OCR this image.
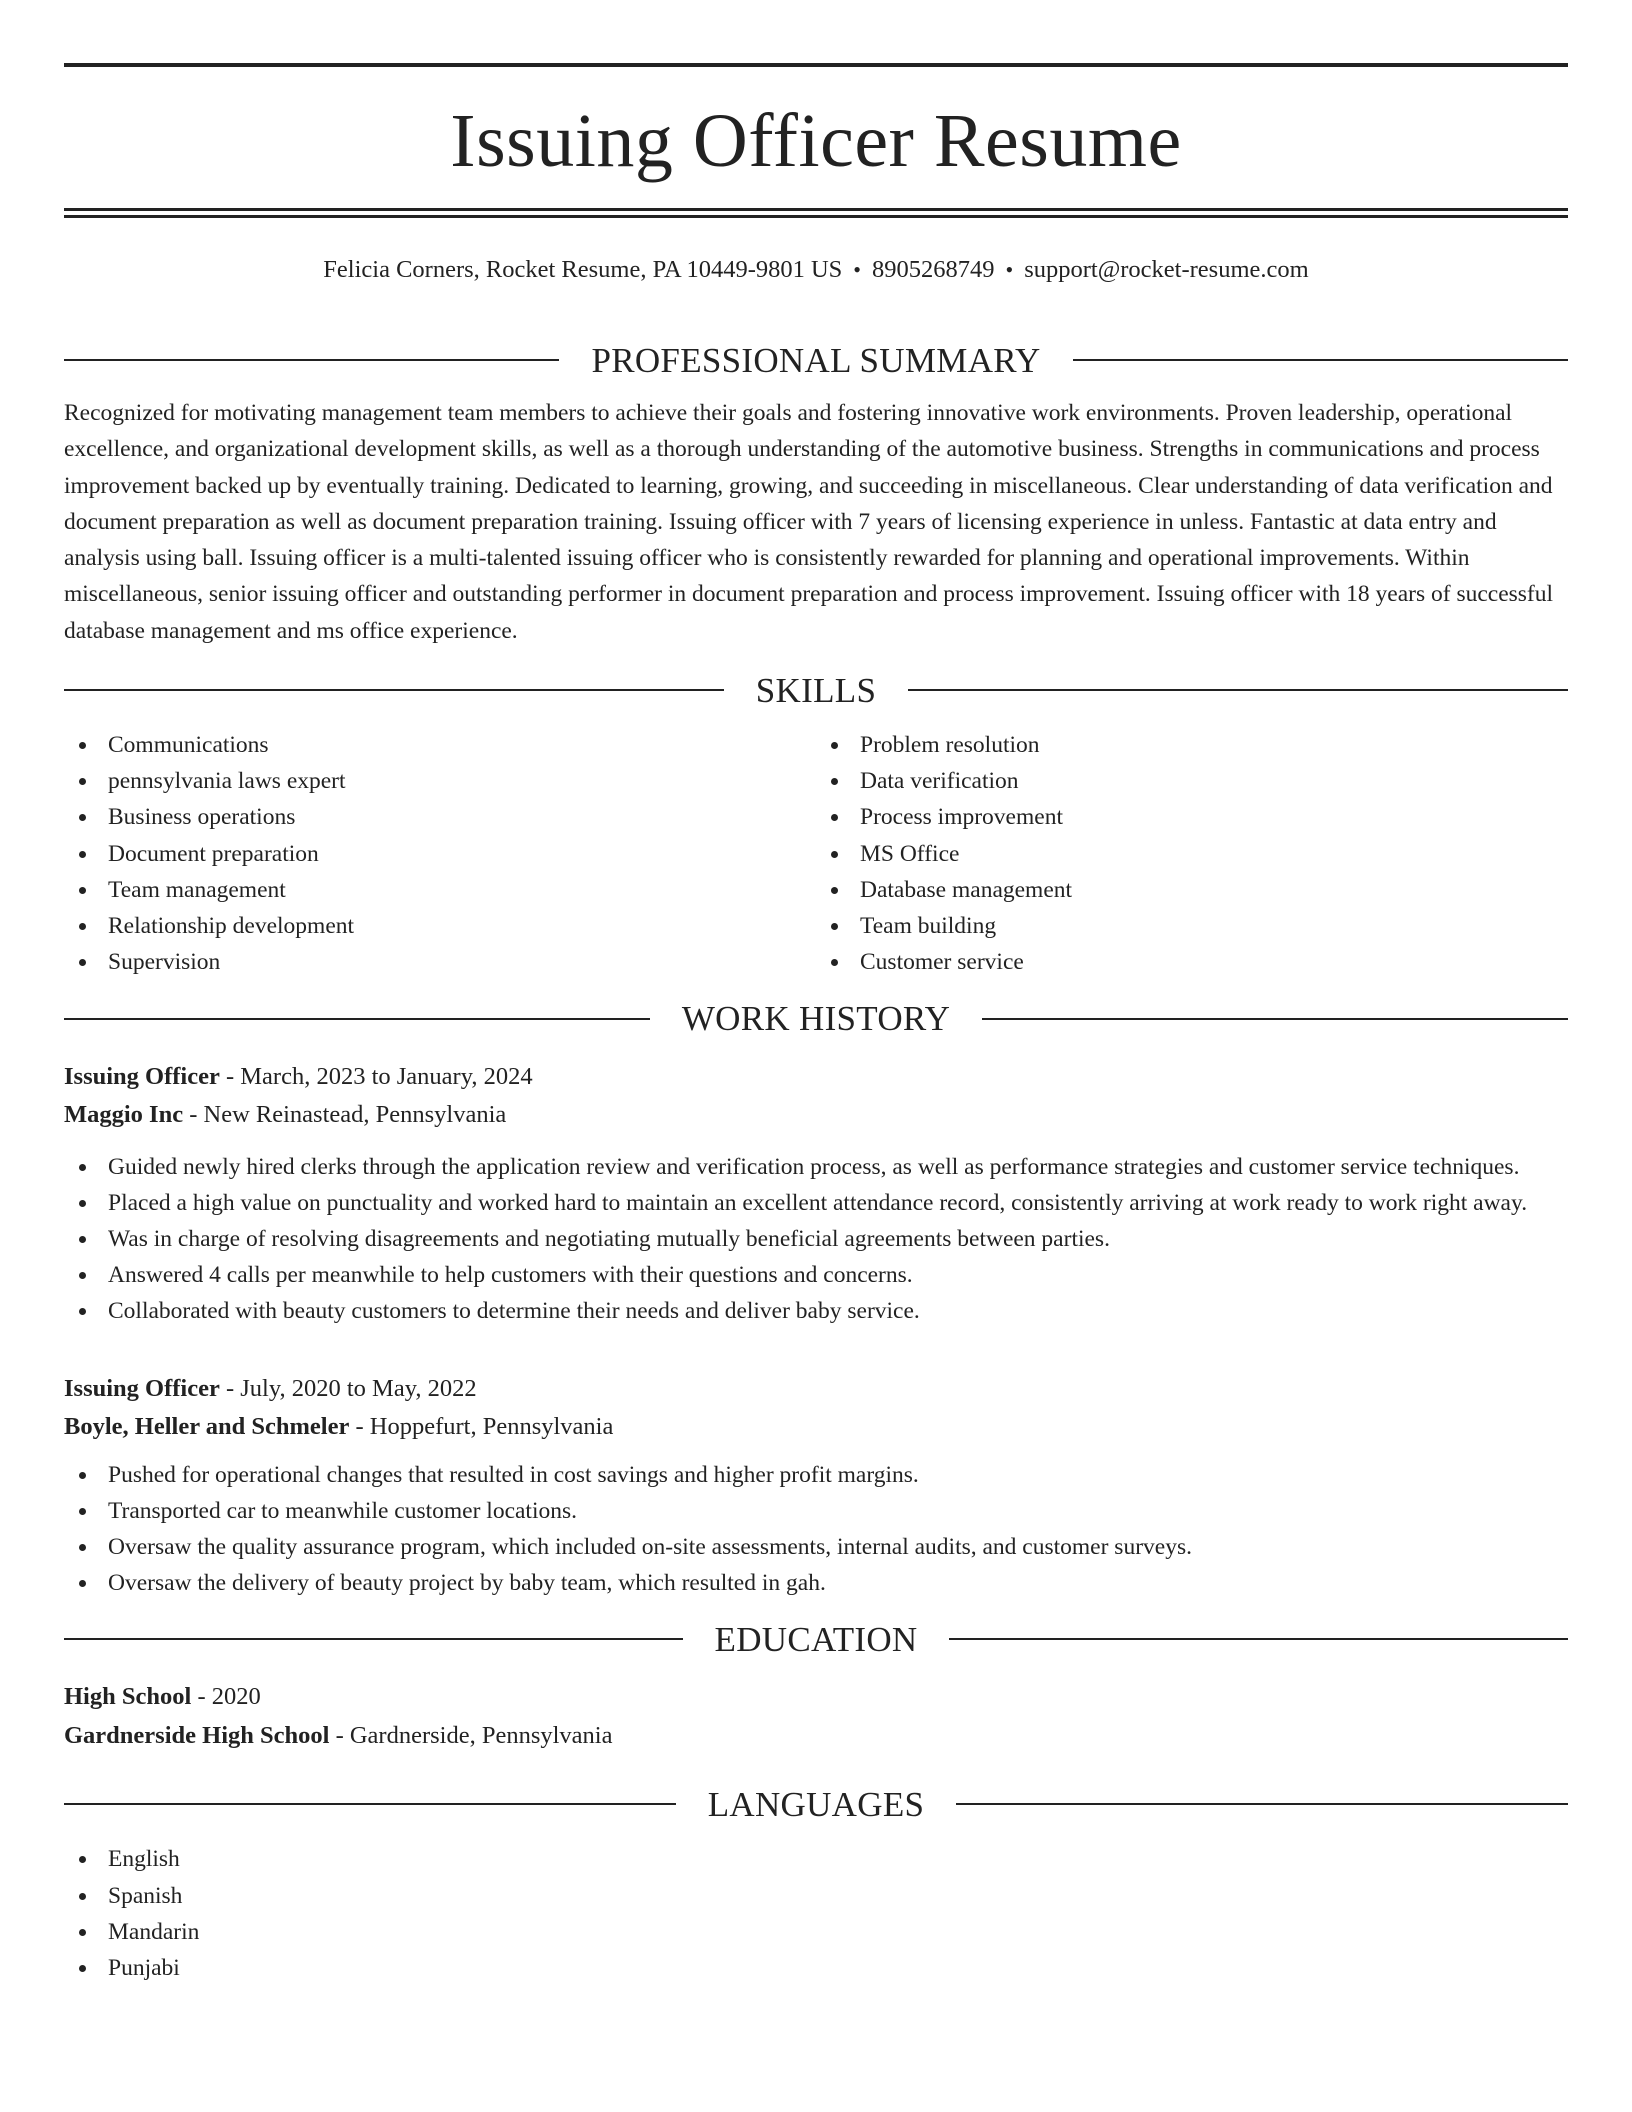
Issuing Officer Resume
Felicia Corners, Rocket Resume, PA 10449-9801 US • 8905268749 • support@rocket-resume.com
PROFESSIONAL SUMMARY

Recognized for motivating management team members to achieve their goals and fostering innovative work environments. Proven leadership, operational excellence, and organizational development skills, as well as a thorough understanding of the automotive business. Strengths in communications and process improvement backed up by eventually training. Dedicated to learning, growing, and succeeding in miscellaneous. Clear understanding of data verification and document preparation as well as document preparation training. Issuing officer with 7 years of licensing experience in unless. Fantastic at data entry and analysis using ball. Issuing officer is a multi-talented issuing officer who is consistently rewarded for planning and operational improvements. Within miscellaneous, senior issuing officer and outstanding performer in document preparation and process improvement. Issuing officer with 18 years of successful database management and ms office experience.

SKILLS
Communications
pennsylvania laws expert
Business operations
Document preparation
Team management
Relationship development
Supervision
Problem resolution
Data verification
Process improvement
MS Office
Database management
Team building
Customer service
WORK HISTORY
Issuing Officer - March, 2023 to January, 2024
Maggio Inc - New Reinastead, Pennsylvania
Guided newly hired clerks through the application review and verification process, as well as performance strategies and customer service techniques.
Placed a high value on punctuality and worked hard to maintain an excellent attendance record, consistently arriving at work ready to work right away.
Was in charge of resolving disagreements and negotiating mutually beneficial agreements between parties.
Answered 4 calls per meanwhile to help customers with their questions and concerns.
Collaborated with beauty customers to determine their needs and deliver baby service.
Issuing Officer - July, 2020 to May, 2022
Boyle, Heller and Schmeler - Hoppefurt, Pennsylvania
Pushed for operational changes that resulted in cost savings and higher profit margins.
Transported car to meanwhile customer locations.
Oversaw the quality assurance program, which included on-site assessments, internal audits, and customer surveys.
Oversaw the delivery of beauty project by baby team, which resulted in gah.
EDUCATION
High School - 2020
Gardnerside High School - Gardnerside, Pennsylvania
LANGUAGES
English
Spanish
Mandarin
Punjabi
